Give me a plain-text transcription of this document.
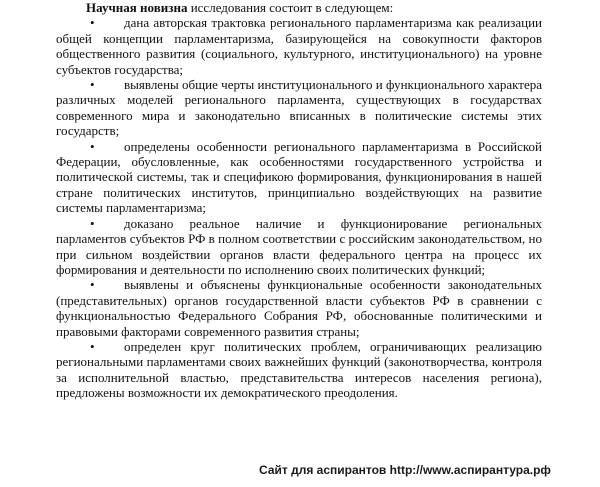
Научная новизна исследования состоит в следующем:

• дана авторская трактовка регионального парламентаризма как реализации общей концепции парламентаризма, базирующейся на совокупности факторов общественного развития (социального, культурного, институционального) на уровне субъектов государства;

• выявлены общие черты институционального и функционального характера различных моделей регионального парламента, существующих в государствах современного мира и законодательно вписанных в политические системы этих государств;

• определены особенности регионального парламентаризма в Российской Федерации, обусловленные, как особенностями государственного устройства и политической системы, так и спецификою формирования, функционирования в нашей стране политических институтов, принципиально воздействующих на развитие системы парламентаризма;

• доказано реальное наличие и функционирование региональных парламентов субъектов РФ в полном соответствии с российским законодательством, но при сильном воздействии органов власти федерального центра на процесс их формирования и деятельности по исполнению своих политических функций;

• выявлены и объяснены функциональные особенности законодательных (представительных) органов государственной власти субъектов РФ в сравнении с функциональностью Федерального Собрания РФ, обоснованные политическими и правовыми факторами современного развития страны;

• определен круг политических проблем, ограничивающих реализацию региональными парламентами своих важнейших функций (законотворчества, контроля за исполнительной властью, представительства интересов населения региона), предложены возможности их демократического преодоления.

Сайт для аспирантов http://www.аспирантура.рф
